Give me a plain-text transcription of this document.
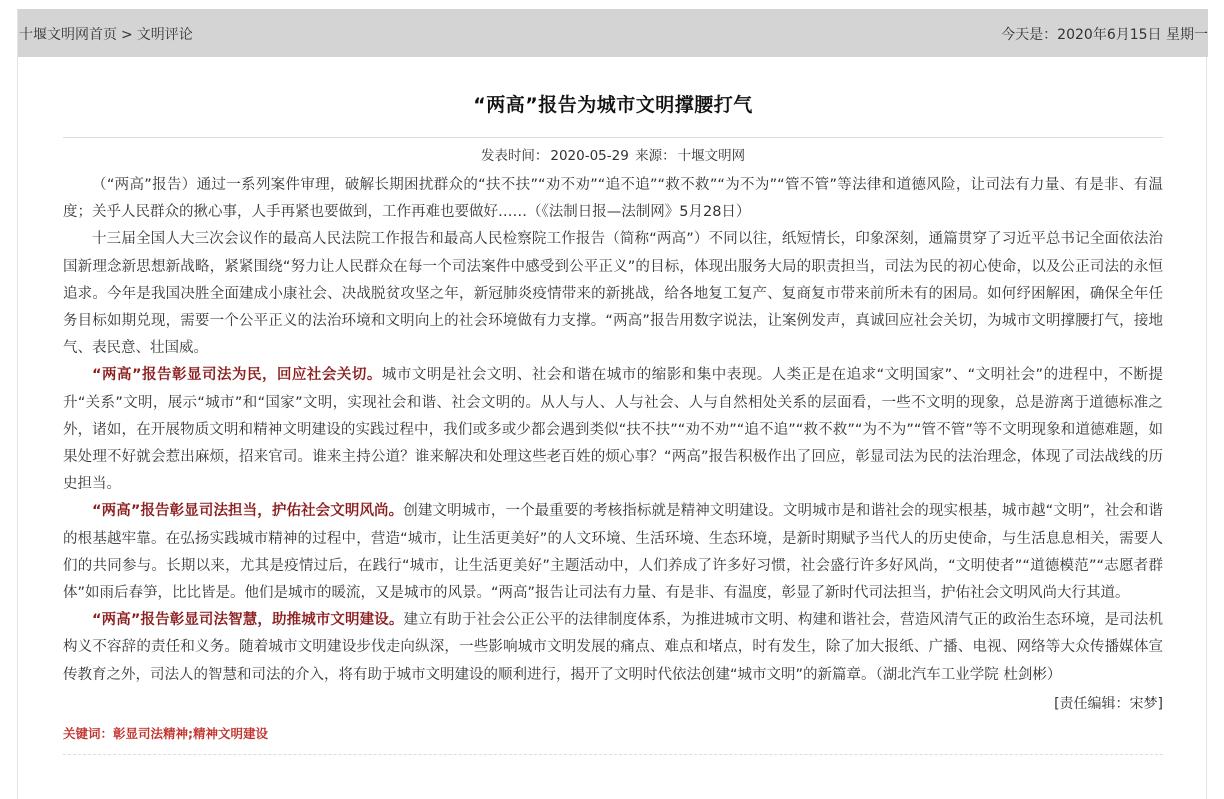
十堰文明网首页 > 文明评论	今天是：2020年6月15日 星期一
“两高”报告为城市文明撑腰打气
发表时间： 2020-05-29 来源： 十堰文明网

（“两高”报告）通过一系列案件审理，破解长期困扰群众的“扶不扶”“劝不劝”“追不追”“救不救”“为不为”“管不管”等法律和道德风险，让司法有力量、有是非、有温度；关乎人民群众的揪心事，人手再紧也要做到，工作再难也要做好……（《法制日报—法制网》5月28日）

十三届全国人大三次会议作的最高人民法院工作报告和最高人民检察院工作报告（简称“两高”）不同以往，纸短情长，印象深刻，通篇贯穿了习近平总书记全面依法治国新理念新思想新战略，紧紧围绕“努力让人民群众在每一个司法案件中感受到公平正义”的目标，体现出服务大局的职责担当，司法为民的初心使命，以及公正司法的永恒追求。今年是我国决胜全面建成小康社会、决战脱贫攻坚之年，新冠肺炎疫情带来的新挑战，给各地复工复产、复商复市带来前所未有的困局。如何纾困解困，确保全年任务目标如期兑现，需要一个公平正义的法治环境和文明向上的社会环境做有力支撑。“两高”报告用数字说法，让案例发声，真诚回应社会关切，为城市文明撑腰打气，接地气、表民意、壮国威。

“两高”报告彰显司法为民，回应社会关切。城市文明是社会文明、社会和谐在城市的缩影和集中表现。人类正是在追求“文明国家”、“文明社会”的进程中，不断提升“关系”文明，展示“城市”和“国家”文明，实现社会和谐、社会文明的。从人与人、人与社会、人与自然相处关系的层面看，一些不文明的现象，总是游离于道德标准之外，诸如，在开展物质文明和精神文明建设的实践过程中，我们或多或少都会遇到类似“扶不扶”“劝不劝”“追不追”“救不救”“为不为”“管不管”等不文明现象和道德难题，如果处理不好就会惹出麻烦，招来官司。谁来主持公道？谁来解决和处理这些老百姓的烦心事？“两高”报告积极作出了回应，彰显司法为民的法治理念，体现了司法战线的历史担当。

“两高”报告彰显司法担当，护佑社会文明风尚。创建文明城市，一个最重要的考核指标就是精神文明建设。文明城市是和谐社会的现实根基，城市越“文明”，社会和谐的根基越牢靠。在弘扬实践城市精神的过程中，营造“城市，让生活更美好”的人文环境、生活环境、生态环境，是新时期赋予当代人的历史使命，与生活息息相关，需要人们的共同参与。长期以来，尤其是疫情过后，在践行“城市，让生活更美好”主题活动中，人们养成了许多好习惯，社会盛行许多好风尚，“文明使者”“道德模范”“志愿者群体”如雨后春笋，比比皆是。他们是城市的暖流，又是城市的风景。“两高”报告让司法有力量、有是非、有温度，彰显了新时代司法担当，护佑社会文明风尚大行其道。

“两高”报告彰显司法智慧，助推城市文明建设。建立有助于社会公正公平的法律制度体系，为推进城市文明、构建和谐社会，营造风清气正的政治生态环境，是司法机构义不容辞的责任和义务。随着城市文明建设步伐走向纵深，一些影响城市文明发展的痛点、难点和堵点，时有发生，除了加大报纸、广播、电视、网络等大众传播媒体宣传教育之外，司法人的智慧和司法的介入，将有助于城市文明建设的顺利进行，揭开了文明时代依法创建“城市文明”的新篇章。（湖北汽车工业学院 杜剑彬）

[责任编辑：宋梦]
关键词：彰显司法精神;精神文明建设
